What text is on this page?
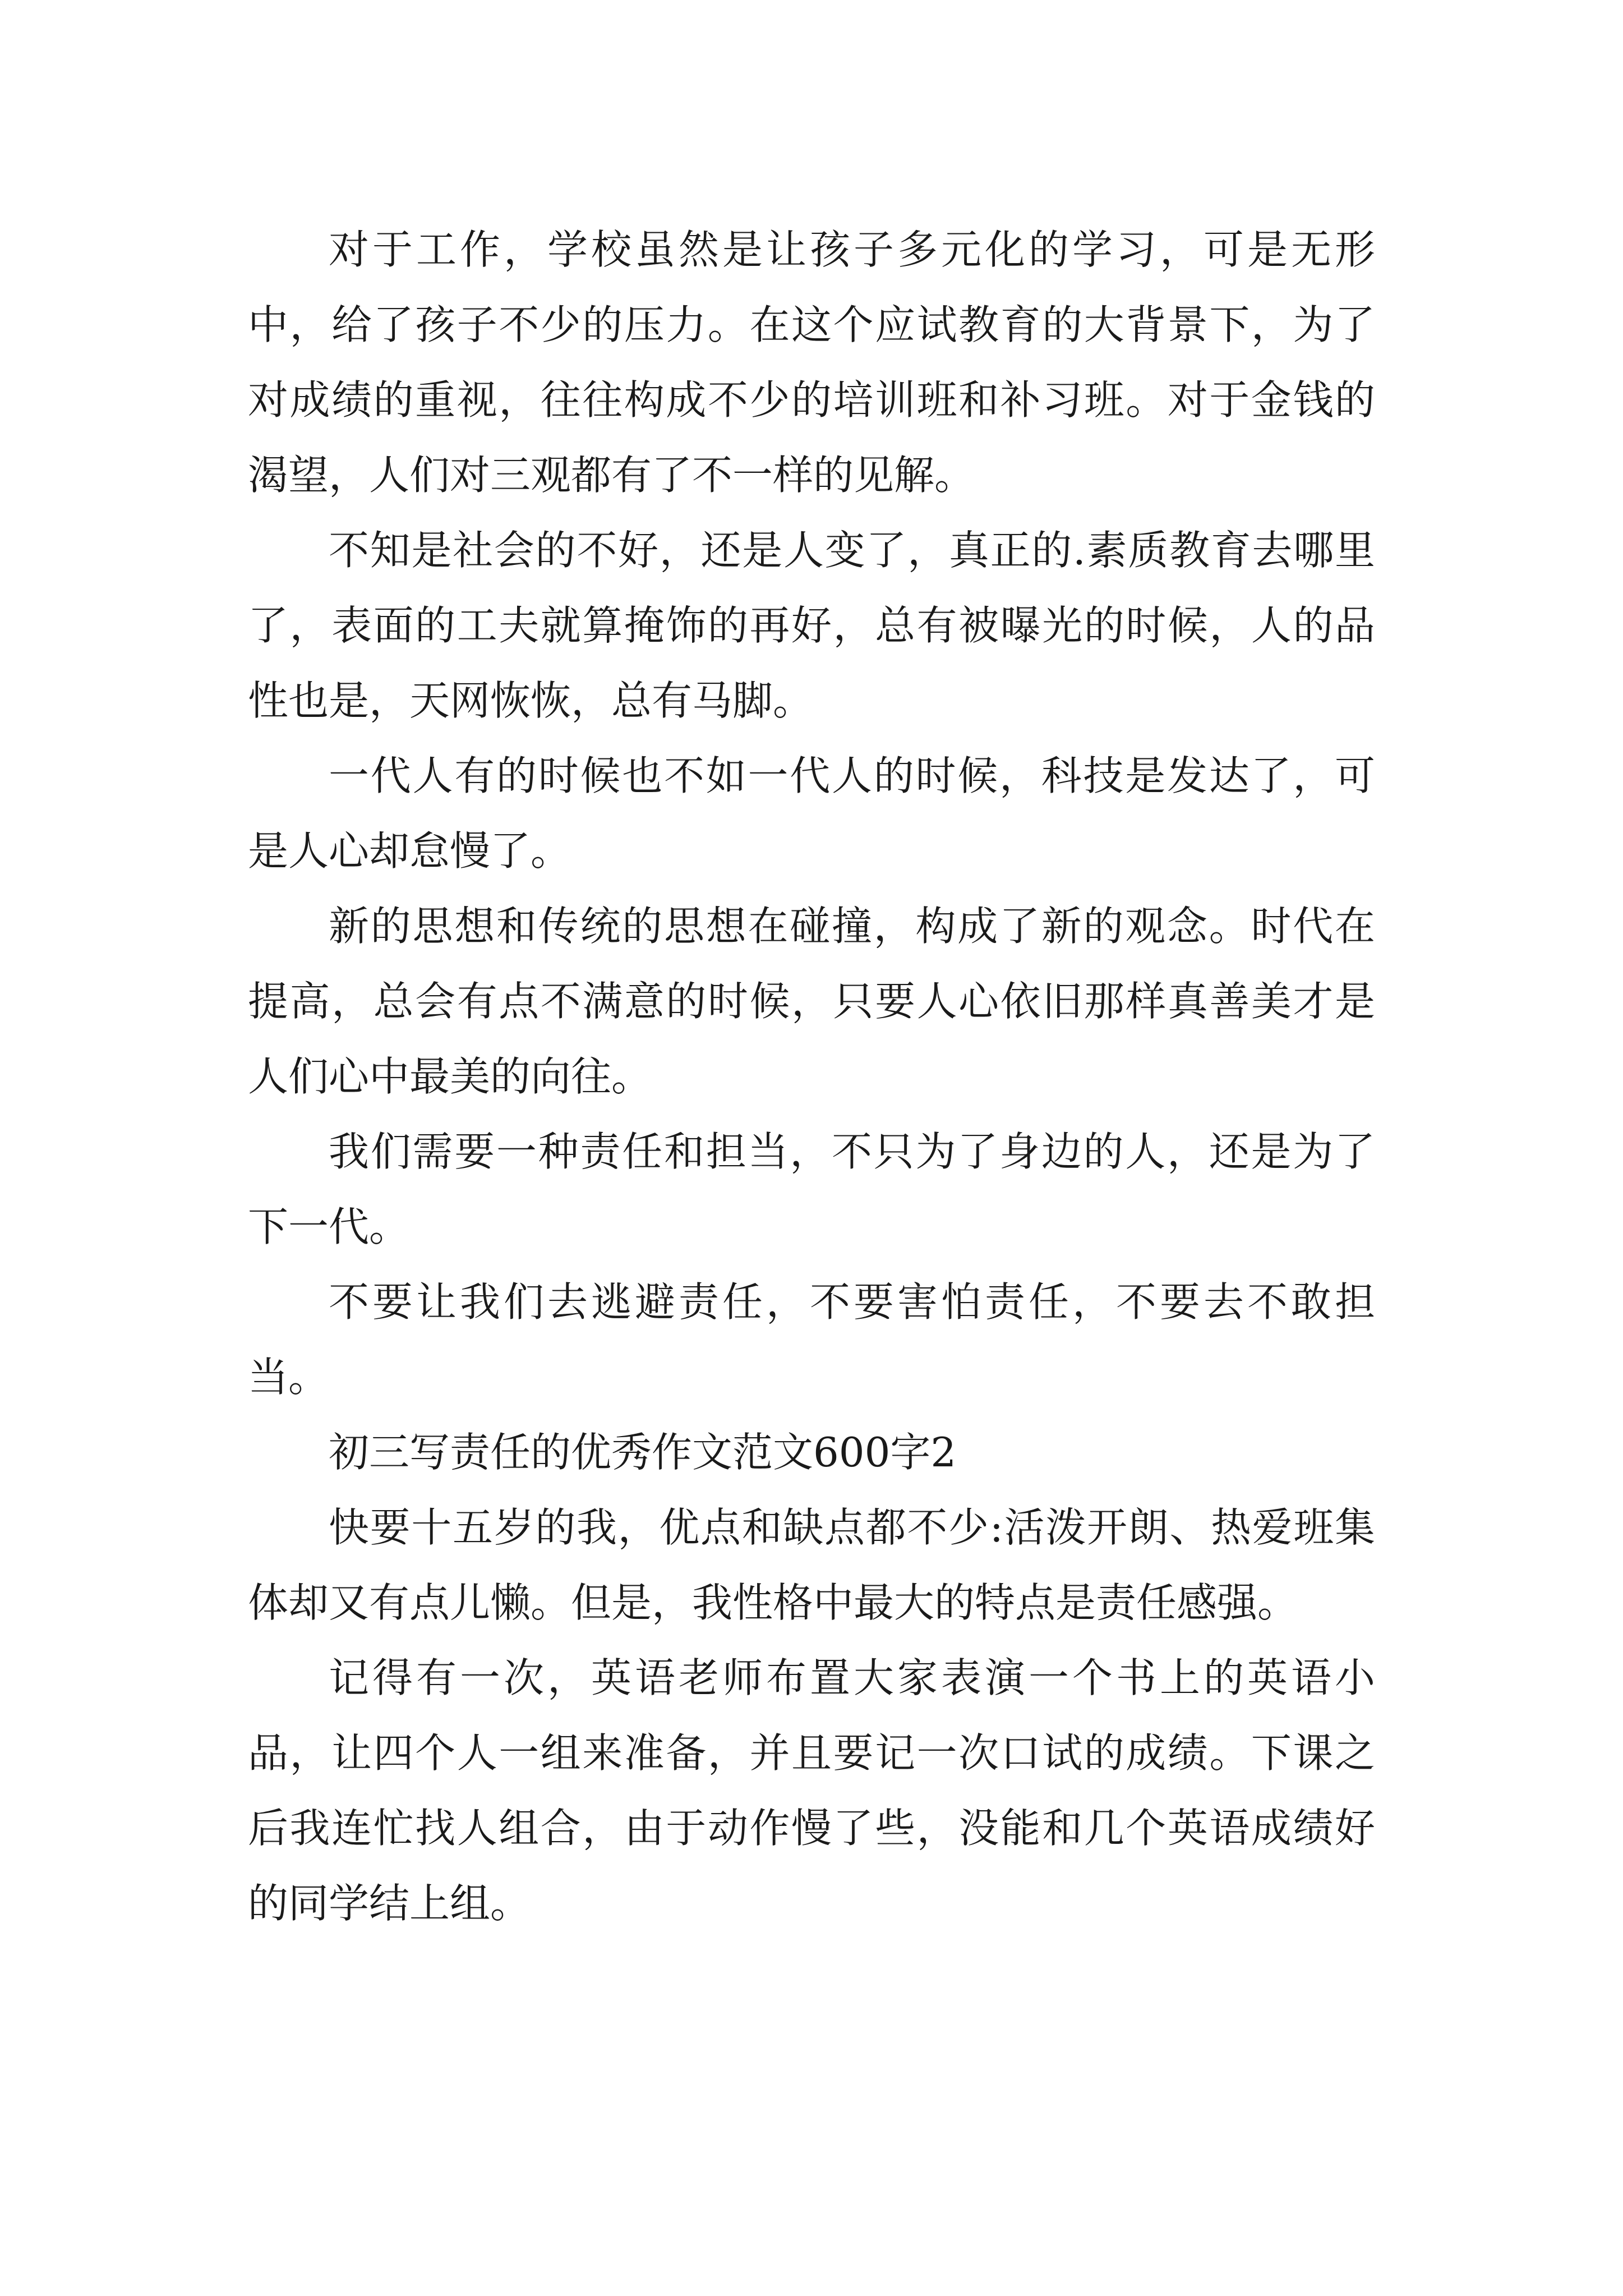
对于工作，学校虽然是让孩子多元化的学习，可是无形中，给了孩子不少的压力。在这个应试教育的大背景下，为了对成绩的重视，往往构成不少的培训班和补习班。对于金钱的渴望，人们对三观都有了不一样的见解。

不知是社会的不好，还是人变了，真正的.素质教育去哪里了，表面的工夫就算掩饰的再好，总有被曝光的时候，人的品性也是，天网恢恢，总有马脚。

一代人有的时候也不如一代人的时候，科技是发达了，可是人心却怠慢了。

新的思想和传统的思想在碰撞，构成了新的观念。时代在提高，总会有点不满意的时候，只要人心依旧那样真善美才是人们心中最美的向往。

我们需要一种责任和担当，不只为了身边的人，还是为了下一代。

不要让我们去逃避责任，不要害怕责任，不要去不敢担当。

初三写责任的优秀作文范文600字2

快要十五岁的我，优点和缺点都不少:活泼开朗、热爱班集体却又有点儿懒。但是，我性格中最大的特点是责任感强。

记得有一次，英语老师布置大家表演一个书上的英语小品，让四个人一组来准备，并且要记一次口试的成绩。下课之后我连忙找人组合，由于动作慢了些，没能和几个英语成绩好的同学结上组。
